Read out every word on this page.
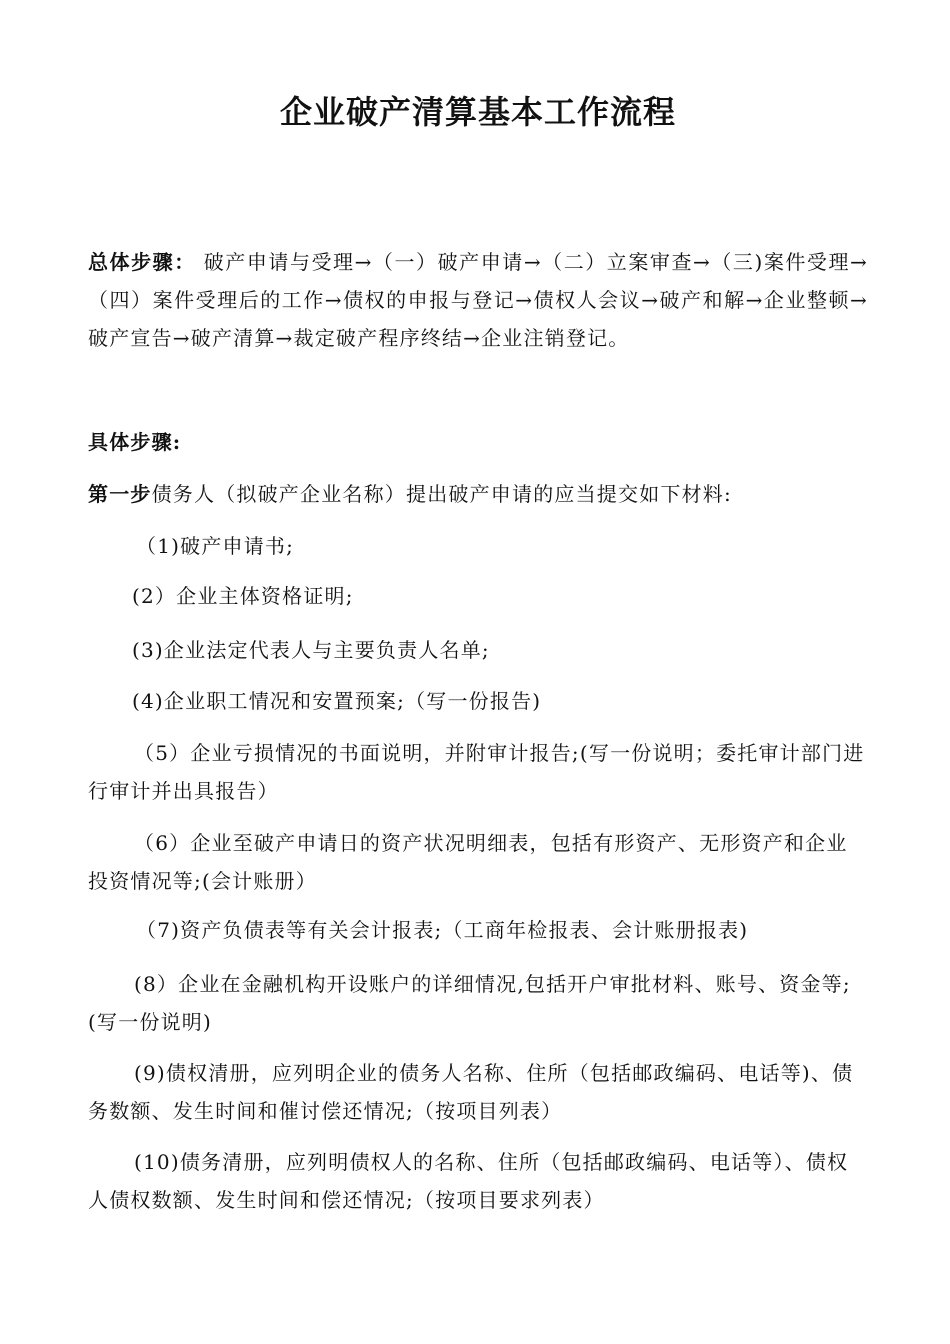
企业破产清算基本工作流程
总体步骤： 破产申请与受理→（一）破产申请→（二）立案审查→（三)案件受理→（四）案件受理后的工作→债权的申报与登记→债权人会议→破产和解→企业整顿→破产宣告→破产清算→裁定破产程序终结→企业注销登记。
具体步骤:
第一步债务人（拟破产企业名称）提出破产申请的应当提交如下材料:
（1)破产申请书;
(2）企业主体资格证明;
(3)企业法定代表人与主要负责人名单;
(4)企业职工情况和安置预案;（写一份报告)
（5）企业亏损情况的书面说明，并附审计报告;(写一份说明；委托审计部门进行审计并出具报告）
（6）企业至破产申请日的资产状况明细表，包括有形资产、无形资产和企业投资情况等;(会计账册）
（7)资产负债表等有关会计报表;（工商年检报表、会计账册报表)
(8）企业在金融机构开设账户的详细情况,包括开户审批材料、账号、资金等;(写一份说明)
(9)债权清册，应列明企业的债务人名称、住所（包括邮政编码、电话等)、债务数额、发生时间和催讨偿还情况;（按项目列表）
(10)债务清册，应列明债权人的名称、住所（包括邮政编码、电话等）、债权人债权数额、发生时间和偿还情况;（按项目要求列表）
